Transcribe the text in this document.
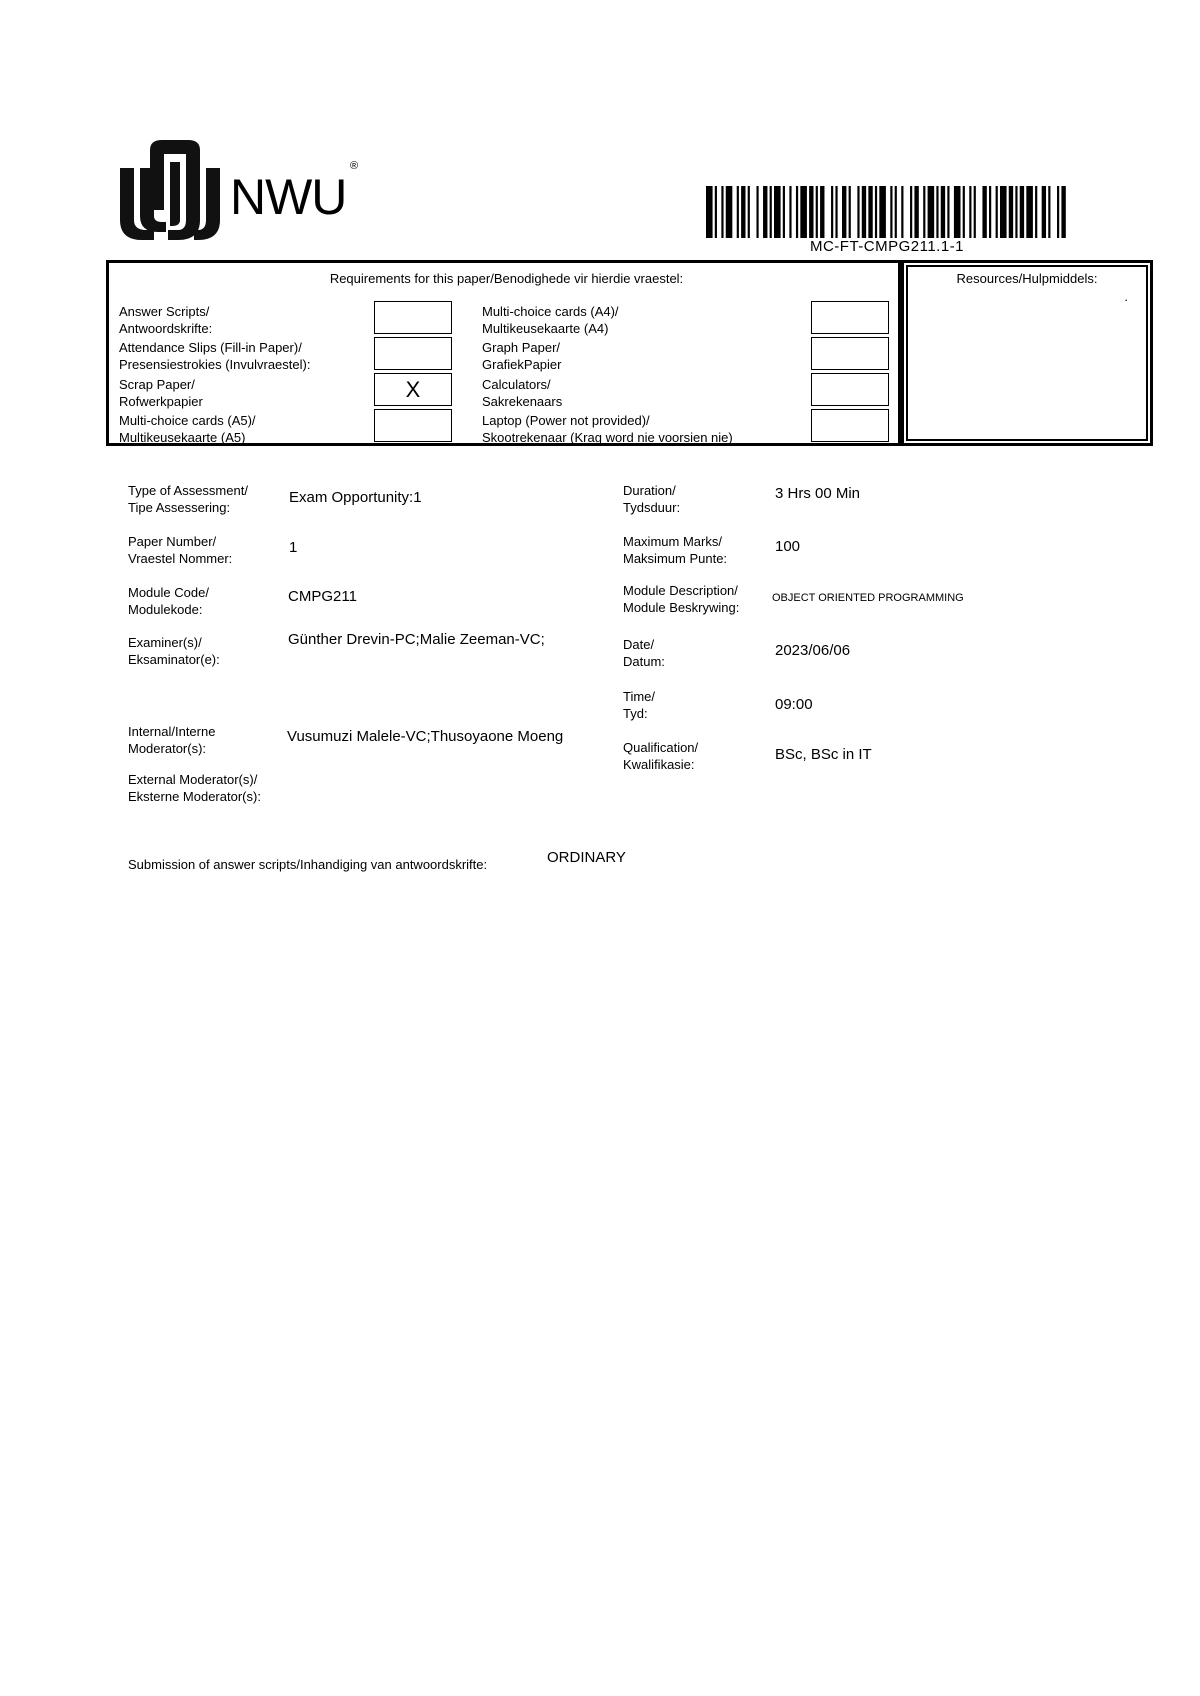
NWU
®
MC-FT-CMPG211.1-1
Requirements for this paper/Benodighede vir hierdie vraestel:
Answer Scripts/
Antwoordskrifte:
Attendance Slips (Fill-in Paper)/
Presensiestrokies (Invulvraestel):
Scrap Paper/
Rofwerkpapier	X
Multi-choice cards (A5)/
Multikeusekaarte (A5)
Multi-choice cards (A4)/
Multikeusekaarte (A4)
Graph Paper/
GrafiekPapier
Calculators/
Sakrekenaars
Laptop (Power not provided)/
Skootrekenaar (Krag word nie voorsien nie)
Resources/Hulpmiddels:
.
Type of Assessment/
Tipe Assessering:
Exam Opportunity:1
Paper Number/
Vraestel Nommer:
1
Module Code/
Modulekode:
CMPG211
Examiner(s)/
Eksaminator(e):
Günther Drevin-PC;Malie Zeeman-VC;
Internal/Interne
Moderator(s):
Vusumuzi Malele-VC;Thusoyaone Moeng
External Moderator(s)/
Eksterne Moderator(s):
Duration/
Tydsduur:
3 Hrs 00 Min
Maximum Marks/
Maksimum Punte:
100
Module Description/
Module Beskrywing:
OBJECT ORIENTED PROGRAMMING
Date/
Datum:
2023/06/06
Time/
Tyd:
09:00
Qualification/
Kwalifikasie:
BSc, BSc in IT
Submission of answer scripts/Inhandiging van antwoordskrifte:	ORDINARY
